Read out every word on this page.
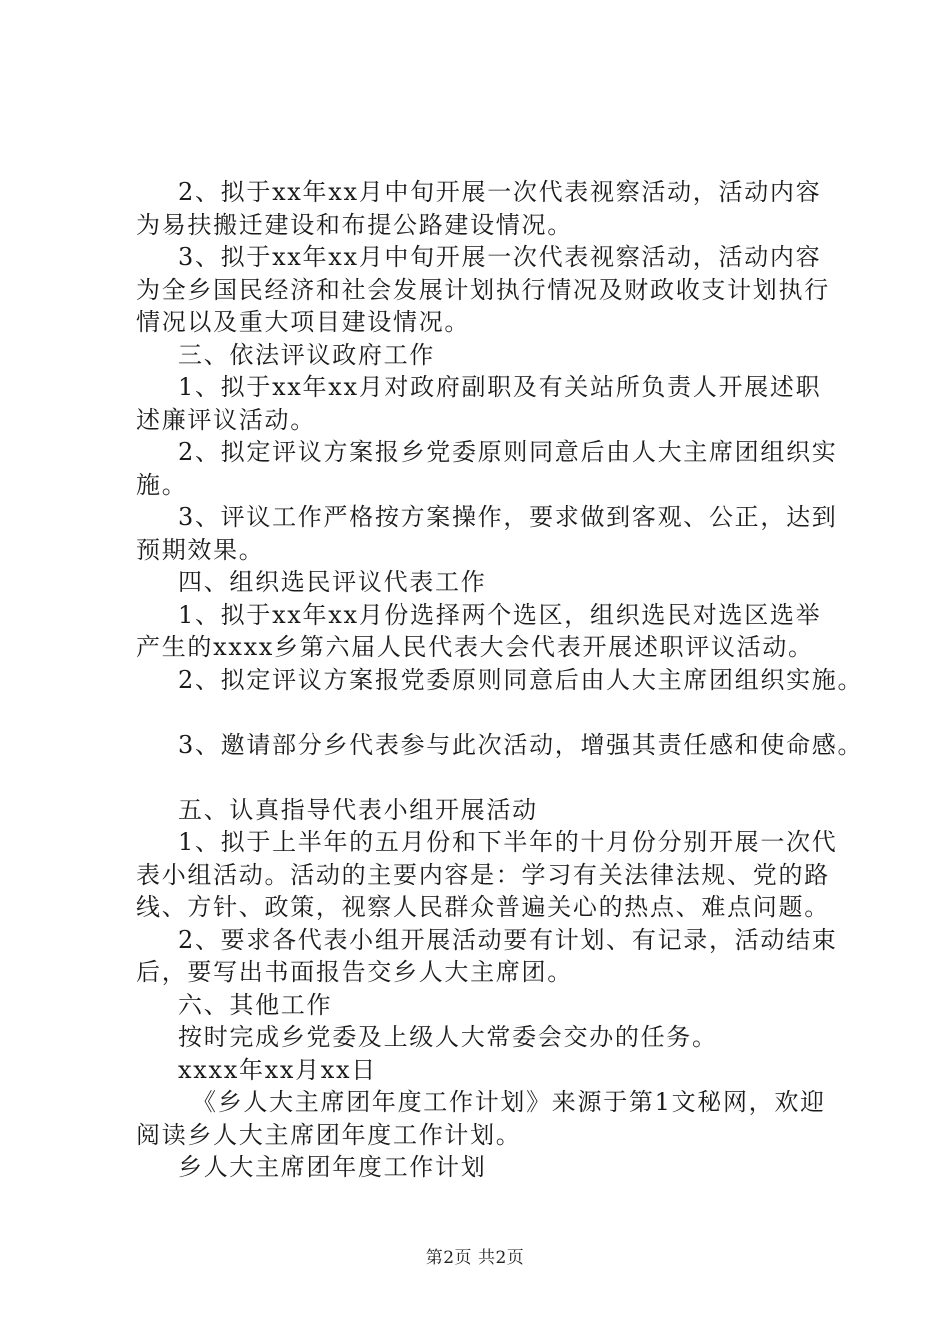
2、拟于xx年xx月中旬开展一次代表视察活动，活动内容
为易扶搬迁建设和布提公路建设情况。
3、拟于xx年xx月中旬开展一次代表视察活动，活动内容
为全乡国民经济和社会发展计划执行情况及财政收支计划执行
情况以及重大项目建设情况。
三、依法评议政府工作
1、拟于xx年xx月对政府副职及有关站所负责人开展述职
述廉评议活动。
2、拟定评议方案报乡党委原则同意后由人大主席团组织实
施。
3、评议工作严格按方案操作，要求做到客观、公正，达到
预期效果。
四、组织选民评议代表工作
1、拟于xx年xx月份选择两个选区，组织选民对选区选举
产生的xxxx乡第六届人民代表大会代表开展述职评议活动。
2、拟定评议方案报党委原则同意后由人大主席团组织实施。
3、邀请部分乡代表参与此次活动，增强其责任感和使命感。
五、认真指导代表小组开展活动
1、拟于上半年的五月份和下半年的十月份分别开展一次代
表小组活动。活动的主要内容是：学习有关法律法规、党的路
线、方针、政策，视察人民群众普遍关心的热点、难点问题。
2、要求各代表小组开展活动要有计划、有记录，活动结束
后，要写出书面报告交乡人大主席团。
六、其他工作
按时完成乡党委及上级人大常委会交办的任务。
xxxx年xx月xx日
《乡人大主席团年度工作计划》来源于第1文秘网，欢迎
阅读乡人大主席团年度工作计划。
乡人大主席团年度工作计划
第2页 共2页
